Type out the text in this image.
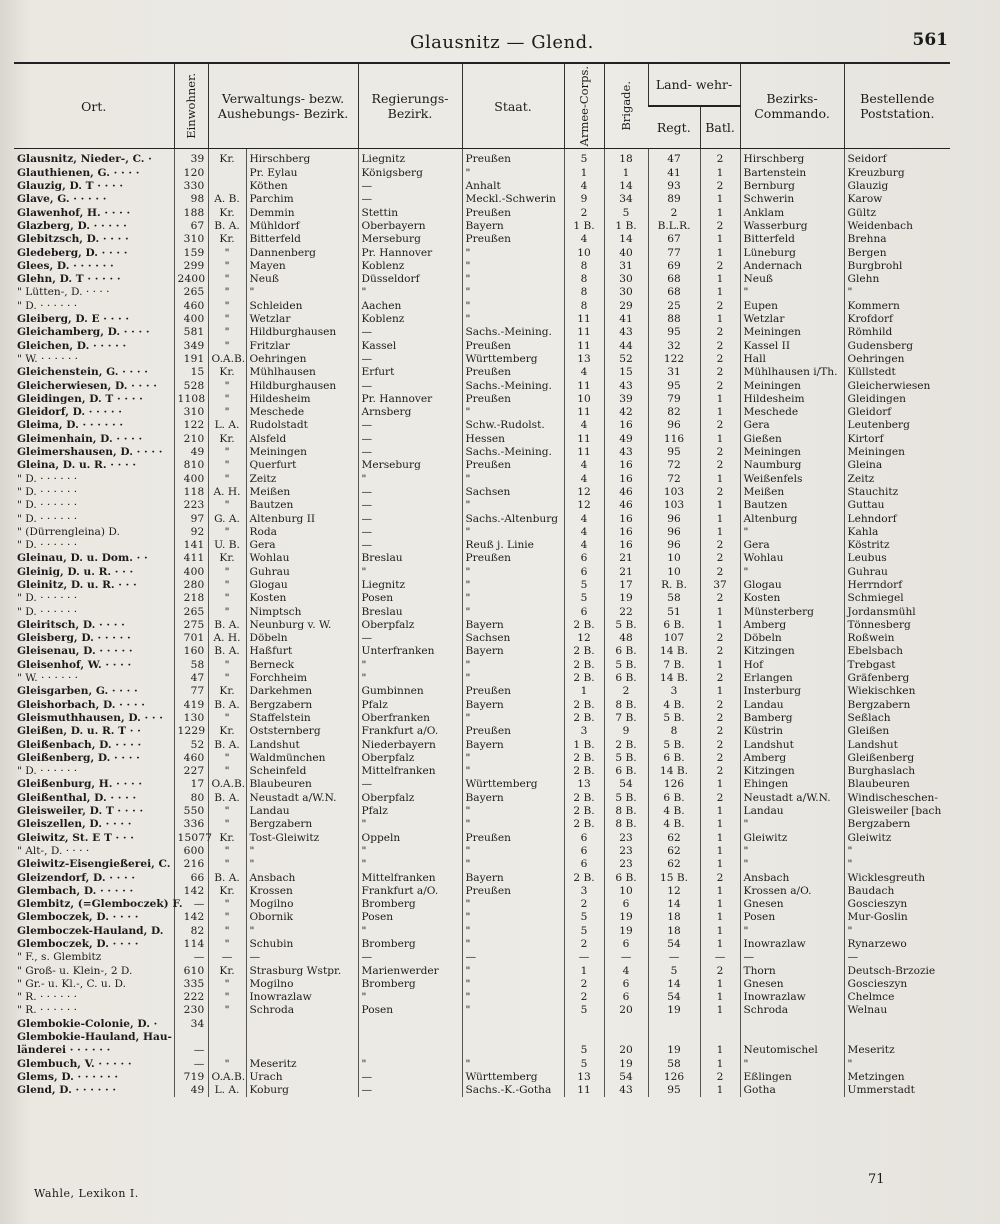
Glausnitz — Glend.	561
Ort.	Einwohner.	Verwaltungs- bezw. Aushebungs- Bezirk.		Regierungs- Bezirk.	Staat.	Armee-Corps.	Brigade.	Land- wehr-		Bezirks- Commando.	Bestellende Poststation.
								Regt.	Batl.		
Glausnitz, Nieder-, C. ·	39	Kr.	Hirschberg	Liegnitz	Preußen	5	18	47	2	Hirschberg	Seidorf
Glauthienen, G. · · · ·	120		Pr. Eylau	Königsberg	"	1	1	41	1	Bartenstein	Kreuzburg
Glauzig, D. T · · · ·	330		Köthen	—	Anhalt	4	14	93	2	Bernburg	Glauzig
Glave, G. · · · · ·	98	A. B.	Parchim	—	Meckl.-Schwerin	9	34	89	1	Schwerin	Karow
Glawenhof, H. · · · ·	188	Kr.	Demmin	Stettin	Preußen	2	5	2	1	Anklam	Gültz
Glazberg, D. · · · · ·	67	B. A.	Mühldorf	Oberbayern	Bayern	1 B.	1 B.	B.L.R.	2	Wasserburg	Weidenbach
Glebitzsch, D. · · · ·	310	Kr.	Bitterfeld	Merseburg	Preußen	4	14	67	1	Bitterfeld	Brehna
Gledeberg, D. · · · ·	159	"	Dannenberg	Pr. Hannover	"	10	40	77	1	Lüneburg	Bergen
Glees, D. · · · · · ·	299	"	Mayen	Koblenz	"	8	31	69	2	Andernach	Burgbrohl
Glehn, D. T · · · · ·	2400	"	Neuß	Düsseldorf	"	8	30	68	1	Neuß	Glehn
" Lütten-, D. · · · ·	265	"	"	"	"	8	30	68	1	"	"
" D. · · · · · ·	460	"	Schleiden	Aachen	"	8	29	25	2	Eupen	Kommern
Gleiberg, D. E · · · ·	400	"	Wetzlar	Koblenz	"	11	41	88	1	Wetzlar	Krofdorf
Gleichamberg, D. · · · ·	581	"	Hildburghausen	—	Sachs.-Meining.	11	43	95	2	Meiningen	Römhild
Gleichen, D. · · · · ·	349	"	Fritzlar	Kassel	Preußen	11	44	32	2	Kassel II	Gudensberg
" W. · · · · · ·	191	O.A.B.	Oehringen	—	Württemberg	13	52	122	2	Hall	Oehringen
Gleichenstein, G. · · · ·	15	Kr.	Mühlhausen	Erfurt	Preußen	4	15	31	2	Mühlhausen i/Th.	Küllstedt
Gleicherwiesen, D. · · · ·	528	"	Hildburghausen	—	Sachs.-Meining.	11	43	95	2	Meiningen	Gleicherwiesen
Gleidingen, D. T · · · ·	1108	"	Hildesheim	Pr. Hannover	Preußen	10	39	79	1	Hildesheim	Gleidingen
Gleidorf, D. · · · · ·	310	"	Meschede	Arnsberg	"	11	42	82	1	Meschede	Gleidorf
Gleima, D. · · · · · ·	122	L. A.	Rudolstadt	—	Schw.-Rudolst.	4	16	96	2	Gera	Leutenberg
Gleimenhain, D. · · · ·	210	Kr.	Alsfeld	—	Hessen	11	49	116	1	Gießen	Kirtorf
Gleimershausen, D. · · · ·	49	"	Meiningen	—	Sachs.-Meining.	11	43	95	2	Meiningen	Meiningen
Gleina, D. u. R. · · · ·	810	"	Querfurt	Merseburg	Preußen	4	16	72	2	Naumburg	Gleina
" D. · · · · · ·	400	"	Zeitz	"	"	4	16	72	1	Weißenfels	Zeitz
" D. · · · · · ·	118	A. H.	Meißen	—	Sachsen	12	46	103	2	Meißen	Stauchitz
" D. · · · · · ·	223	"	Bautzen	—	"	12	46	103	1	Bautzen	Guttau
" D. · · · · · ·	97	G. A.	Altenburg II	—	Sachs.-Altenburg	4	16	96	1	Altenburg	Lehndorf
" (Dürrengleina) D.	92	"	Roda	—	"	4	16	96	1	"	Kahla
" D. · · · · · ·	141	U. B.	Gera	—	Reuß j. Linie	4	16	96	2	Gera	Köstritz
Gleinau, D. u. Dom. · ·	411	Kr.	Wohlau	Breslau	Preußen	6	21	10	2	Wohlau	Leubus
Gleinig, D. u. R. · · ·	400	"	Guhrau	"	"	6	21	10	2	"	Guhrau
Gleinitz, D. u. R. · · ·	280	"	Glogau	Liegnitz	"	5	17	R. B.	37	Glogau	Herrndorf
" D. · · · · · ·	218	"	Kosten	Posen	"	5	19	58	2	Kosten	Schmiegel
" D. · · · · · ·	265	"	Nimptsch	Breslau	"	6	22	51	1	Münsterberg	Jordansmühl
Gleiritsch, D. · · · ·	275	B. A.	Neunburg v. W.	Oberpfalz	Bayern	2 B.	5 B.	6 B.	1	Amberg	Tönnesberg
Gleisberg, D. · · · · ·	701	A. H.	Döbeln	—	Sachsen	12	48	107	2	Döbeln	Roßwein
Gleisenau, D. · · · · ·	160	B. A.	Haßfurt	Unterfranken	Bayern	2 B.	6 B.	14 B.	2	Kitzingen	Ebelsbach
Gleisenhof, W. · · · ·	58	"	Berneck	"	"	2 B.	5 B.	7 B.	1	Hof	Trebgast
" W. · · · · · ·	47	"	Forchheim	"	"	2 B.	6 B.	14 B.	2	Erlangen	Gräfenberg
Gleisgarben, G. · · · ·	77	Kr.	Darkehmen	Gumbinnen	Preußen	1	2	3	1	Insterburg	Wiekischken
Gleishorbach, D. · · · ·	419	B. A.	Bergzabern	Pfalz	Bayern	2 B.	8 B.	4 B.	2	Landau	Bergzabern
Gleismuthhausen, D. · · ·	130	"	Staffelstein	Oberfranken	"	2 B.	7 B.	5 B.	2	Bamberg	Seßlach
Gleißen, D. u. R. T · ·	1229	Kr.	Oststernberg	Frankfurt a/O.	Preußen	3	9	8	2	Küstrin	Gleißen
Gleißenbach, D. · · · ·	52	B. A.	Landshut	Niederbayern	Bayern	1 B.	2 B.	5 B.	2	Landshut	Landshut
Gleißenberg, D. · · · ·	460	"	Waldmünchen	Oberpfalz	"	2 B.	5 B.	6 B.	2	Amberg	Gleißenberg
" D. · · · · · ·	227	"	Scheinfeld	Mittelfranken	"	2 B.	6 B.	14 B.	2	Kitzingen	Burghaslach
Gleißenburg, H. · · · ·	17	O.A.B.	Blaubeuren	—	Württemberg	13	54	126	1	Ehingen	Blaubeuren
Gleißenthal, D. · · · ·	80	B. A.	Neustadt a/W.N.	Oberpfalz	Bayern	2 B.	5 B.	6 B.	2	Neustadt a/W.N.	Windischeschen-
Gleisweiler, D. T · · · ·	550	"	Landau	Pfalz	"	2 B.	8 B.	4 B.	1	Landau	Gleisweiler [bach
Gleiszellen, D. · · · ·	336	"	Bergzabern	"	"	2 B.	8 B.	4 B.	1	"	Bergzabern
Gleiwitz, St. E T · · ·	15077	Kr.	Tost-Gleiwitz	Oppeln	Preußen	6	23	62	1	Gleiwitz	Gleiwitz
" Alt-, D. · · · ·	600	"	"	"	"	6	23	62	1	"	"
Gleiwitz-Eisengießerei, C.	216	"	"	"	"	6	23	62	1	"	"
Gleizendorf, D. · · · ·	66	B. A.	Ansbach	Mittelfranken	Bayern	2 B.	6 B.	15 B.	2	Ansbach	Wicklesgreuth
Glembach, D. · · · · ·	142	Kr.	Krossen	Frankfurt a/O.	Preußen	3	10	12	1	Krossen a/O.	Baudach
Glembitz, (=Glemboczek) F.	—	"	Mogilno	Bromberg	"	2	6	14	1	Gnesen	Goscieszyn
Glemboczek, D. · · · ·	142	"	Obornik	Posen	"	5	19	18	1	Posen	Mur-Goslin
Glemboczek-Hauland, D.	82	"	"	"	"	5	19	18	1	"	"
Glemboczek, D. · · · ·	114	"	Schubin	Bromberg	"	2	6	54	1	Inowrazlaw	Rynarzewo
" F., s. Glembitz	—	—	—	—	—	—	—	—	—	—	—
" Groß- u. Klein-, 2 D.	610	Kr.	Strasburg Wstpr.	Marienwerder	"	1	4	5	2	Thorn	Deutsch-Brzozie
" Gr.- u. Kl.-, C. u. D.	335	"	Mogilno	Bromberg	"	2	6	14	1	Gnesen	Goscieszyn
" R. · · · · · ·	222	"	Inowrazlaw	"	"	2	6	54	1	Inowrazlaw	Chelmce
" R. · · · · · ·	230	"	Schroda	Posen	"	5	20	19	1	Schroda	Welnau
Glembokie-Colonie, D. ·	34										
Glembokie-Hauland, Hau-											
länderei · · · · · ·	—					5	20	19	1	Neutomischel	Meseritz
Glembuch, V. · · · · ·	—	"	Meseritz	"	"	5	19	58	1	"	"
Glems, D. · · · · · ·	719	O.A.B.	Urach	—	Württemberg	13	54	126	2	Eßlingen	Metzingen
Glend, D. · · · · · ·	49	L. A.	Koburg	—	Sachs.-K.-Gotha	11	43	95	1	Gotha	Ummerstadt
Wahle, Lexikon I.
71
